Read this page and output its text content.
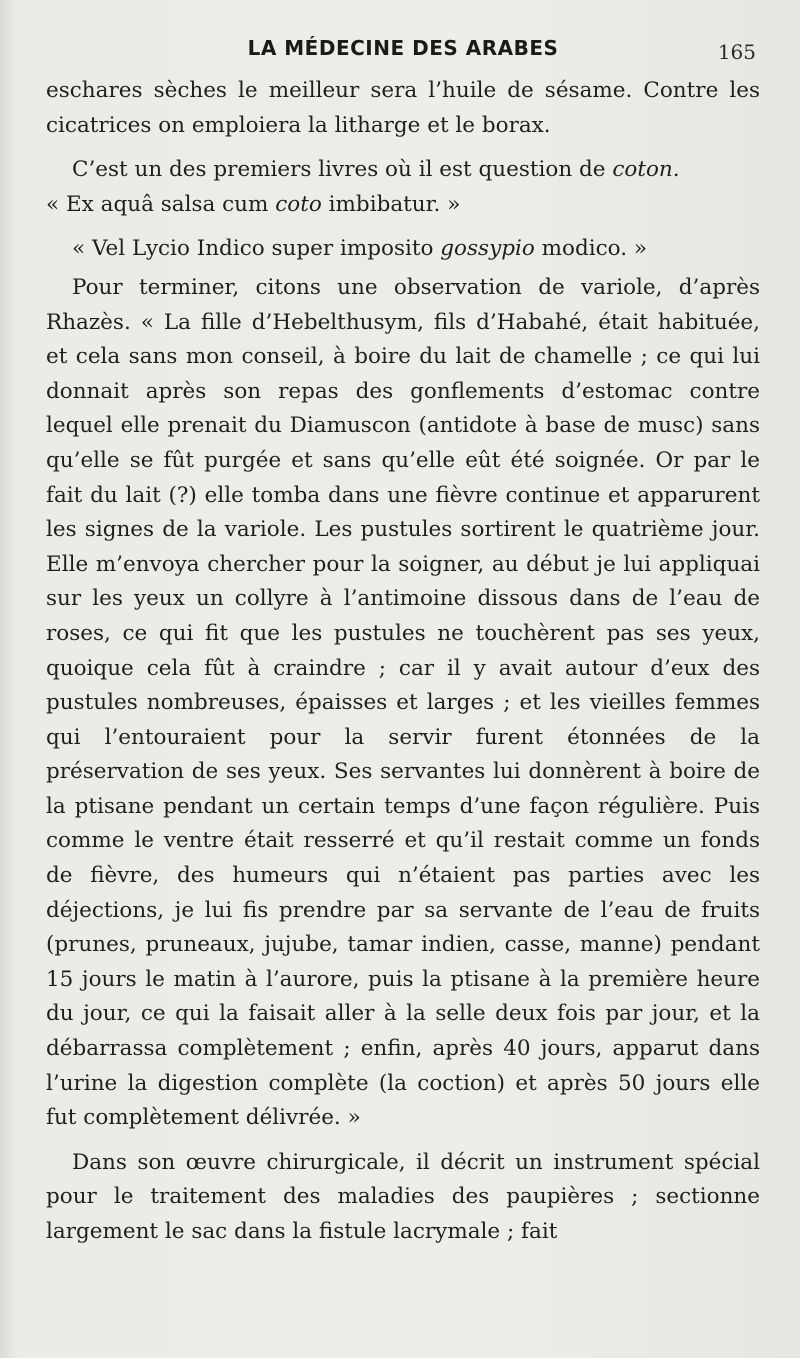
LA MÉDECINE DES ARABES	165

eschares sèches le meilleur sera l’huile de sésame. Contre les cicatrices on emploiera la litharge et le borax.

C’est un des premiers livres où il est question de coton.

« Ex aquâ salsa cum coto imbibatur. »

« Vel Lycio Indico super imposito gossypio modico. »

Pour terminer, citons une observation de variole, d’après Rhazès. « La fille d’Hebelthusym, fils d’Habahé, était habituée, et cela sans mon conseil, à boire du lait de chamelle ; ce qui lui donnait après son repas des gonflements d’estomac contre lequel elle prenait du Diamuscon (antidote à base de musc) sans qu’elle se fût purgée et sans qu’elle eût été soignée. Or par le fait du lait (?) elle tomba dans une fièvre continue et apparurent les signes de la variole. Les pustules sortirent le quatrième jour. Elle m’envoya chercher pour la soigner, au début je lui appliquai sur les yeux un collyre à l’antimoine dissous dans de l’eau de roses, ce qui fit que les pustules ne touchèrent pas ses yeux, quoique cela fût à craindre ; car il y avait autour d’eux des pustules nombreuses, épaisses et larges ; et les vieilles femmes qui l’entouraient pour la servir furent étonnées de la préservation de ses yeux. Ses servantes lui donnèrent à boire de la ptisane pendant un certain temps d’une façon régulière. Puis comme le ventre était resserré et qu’il restait comme un fonds de fièvre, des humeurs qui n’étaient pas parties avec les déjections, je lui fis prendre par sa servante de l’eau de fruits (prunes, pruneaux, jujube, tamar indien, casse, manne) pendant 15 jours le matin à l’aurore, puis la ptisane à la première heure du jour, ce qui la faisait aller à la selle deux fois par jour, et la débarrassa complètement ; enfin, après 40 jours, apparut dans l’urine la digestion complète (la coction) et après 50 jours elle fut complètement délivrée. »

Dans son œuvre chirurgicale, il décrit un instrument spécial pour le traitement des maladies des paupières ; sectionne largement le sac dans la fistule lacrymale ; fait
